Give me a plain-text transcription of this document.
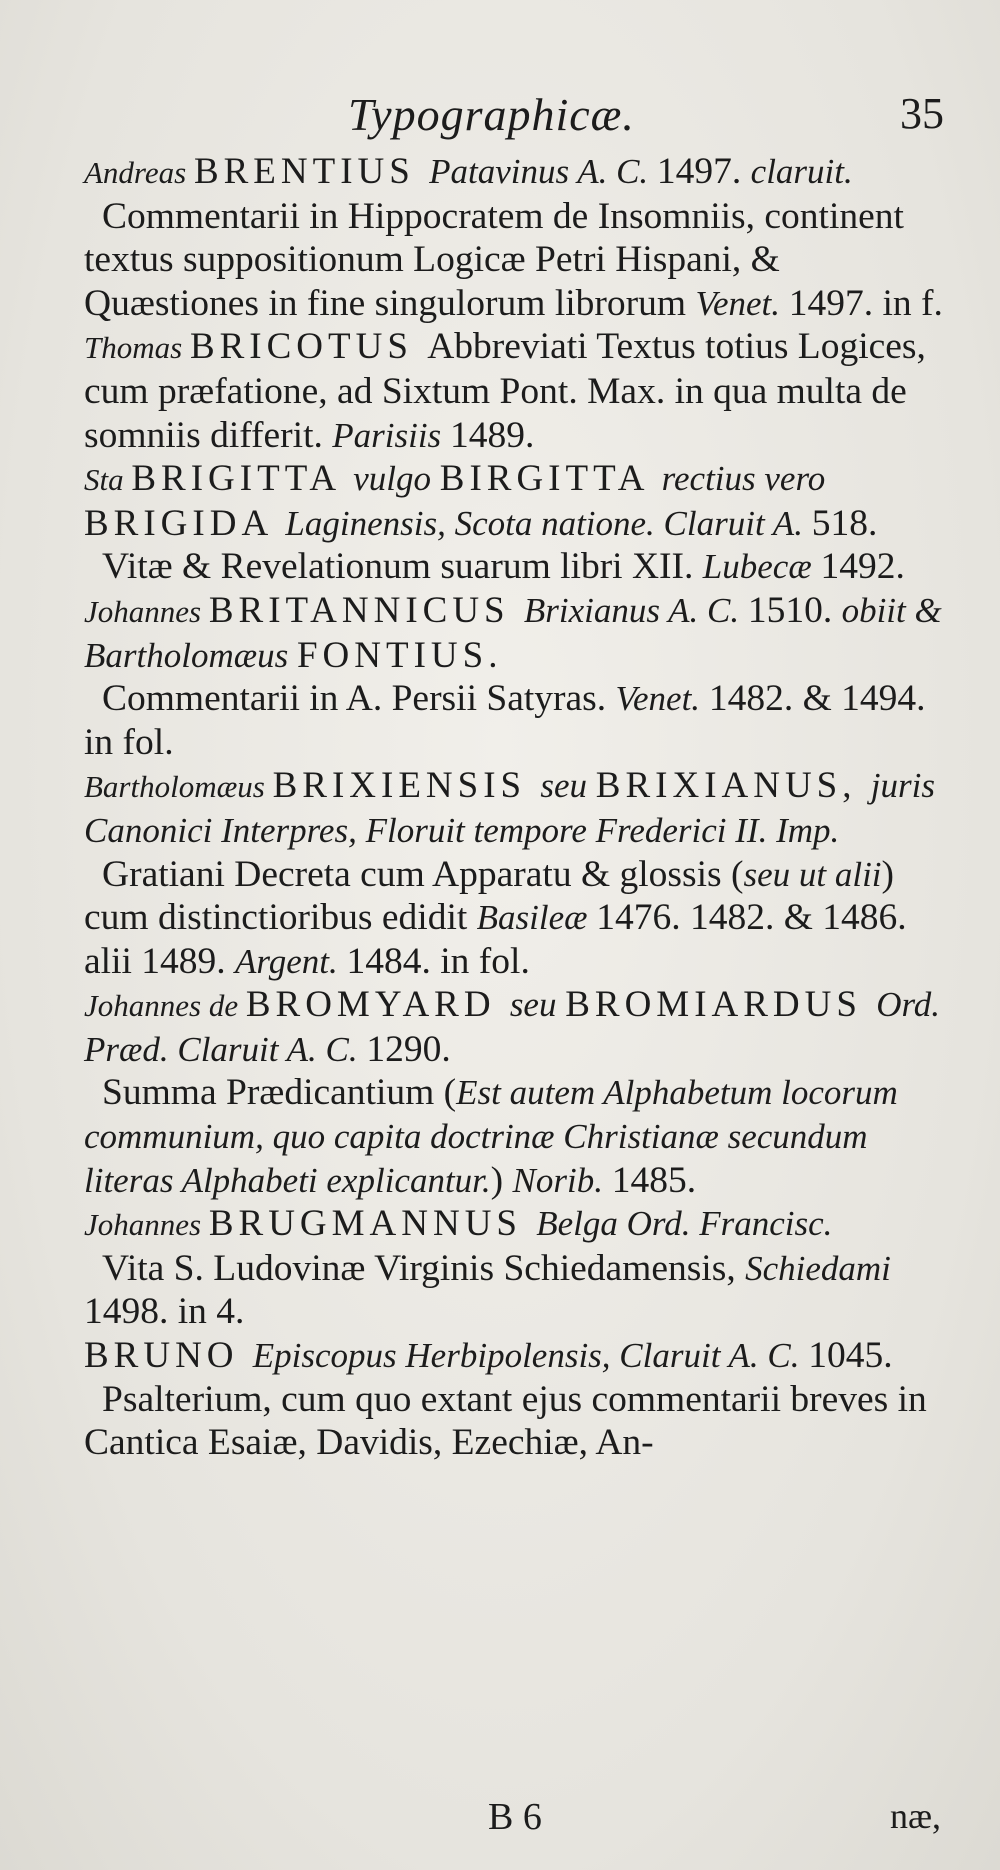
Typographicæ.	35
Andreas BRENTIUS Patavinus A. C. 1497. claruit.
Commentarii in Hippocratem de Insomniis, continent textus suppositionum Logicæ Petri Hispani, & Quæstiones in fine singulorum librorum Venet. 1497. in f.
Thomas BRICOTUS Abbreviati Textus totius Logices, cum præfatione, ad Sixtum Pont. Max. in qua multa de somniis differit. Parisiis 1489.
Sta BRIGITTA vulgo BIRGITTA rectius vero BRIGIDA Laginensis, Scota natione. Claruit A. 518.
Vitæ & Revelationum suarum libri XII. Lubecæ 1492.
Johannes BRITANNICUS Brixianus A. C. 1510. obiit & Bartholomæus FONTIUS.
Commentarii in A. Persii Satyras. Venet. 1482. & 1494. in fol.
Bartholomæus BRIXIENSIS seu BRIXIANUS, juris Canonici Interpres, Floruit tempore Frederici II. Imp.
Gratiani Decreta cum Apparatu & glossis (seu ut alii) cum distinctioribus edidit Basileæ 1476. 1482. & 1486. alii 1489. Argent. 1484. in fol.
Johannes de BROMYARD seu BROMIARDUS Ord. Præd. Claruit A. C. 1290.
Summa Prædicantium (Est autem Alphabetum locorum communium, quo capita doctrinæ Christianæ secundum literas Alphabeti explicantur.) Norib. 1485.
Johannes BRUGMANNUS Belga Ord. Francisc.
Vita S. Ludovinæ Virginis Schiedamensis, Schiedami 1498. in 4.
BRUNO Episcopus Herbipolensis, Claruit A. C. 1045.
Psalterium, cum quo extant ejus commentarii breves in Cantica Esaiæ, Davidis, Ezechiæ, An-
B 6	næ,
